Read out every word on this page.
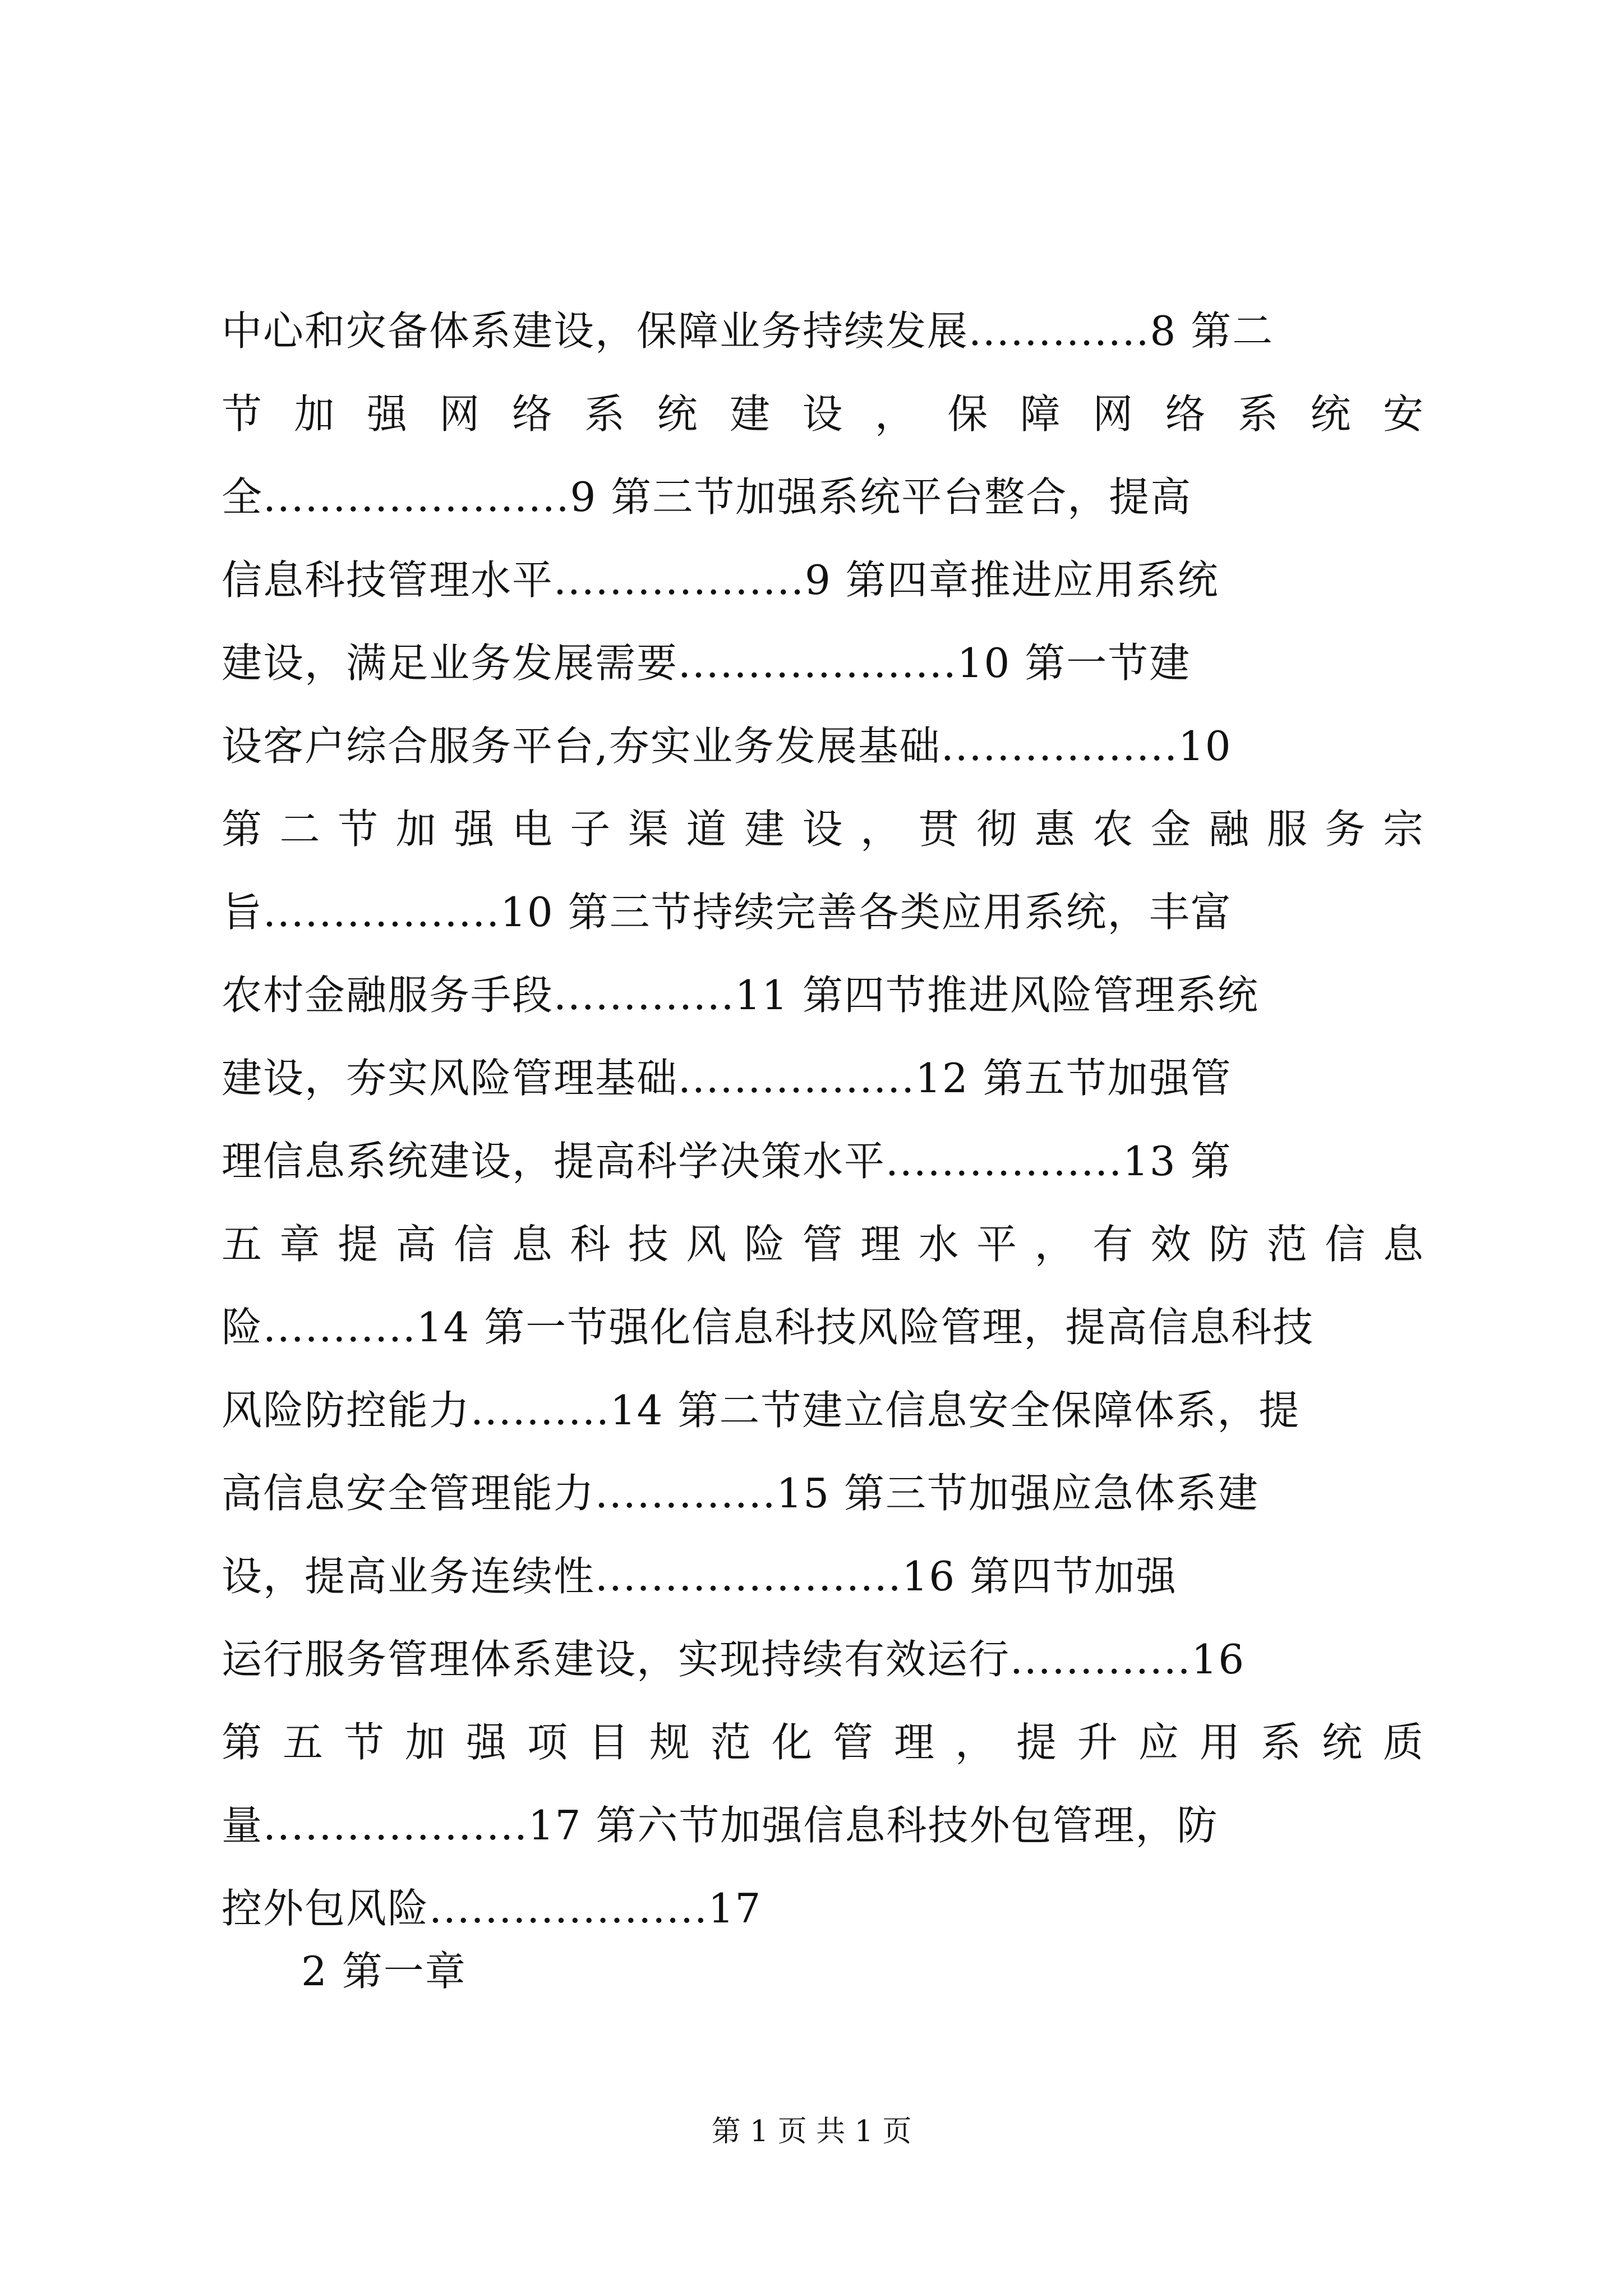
中心和灾备体系建设，保障业务持续发展.............8 第二
节 加 强 网 络 系 统 建 设 ， 保 障 网 络 系 统 安
全......................9 第三节加强系统平台整合，提高
信息科技管理水平..................9 第四章推进应用系统
建设，满足业务发展需要....................10 第一节建
设客户综合服务平台,夯实业务发展基础.................10
第 二 节 加 强 电 子 渠 道 建 设 ， 贯 彻 惠 农 金 融 服 务 宗
旨.................10 第三节持续完善各类应用系统，丰富
农村金融服务手段.............11 第四节推进风险管理系统
建设，夯实风险管理基础.................12 第五节加强管
理信息系统建设，提高科学决策水平.................13 第
五 章 提 高 信 息 科 技 风 险 管 理 水 平 ， 有 效 防 范 信 息
险...........14 第一节强化信息科技风险管理，提高信息科技
风险防控能力..........14 第二节建立信息安全保障体系，提
高信息安全管理能力.............15 第三节加强应急体系建
设，提高业务连续性......................16 第四节加强
运行服务管理体系建设，实现持续有效运行.............16
第 五 节 加 强 项 目 规 范 化 管 理 ， 提 升 应 用 系 统 质
量...................17 第六节加强信息科技外包管理，防
控外包风险....................17
2 第一章
第 1 页 共 1 页
